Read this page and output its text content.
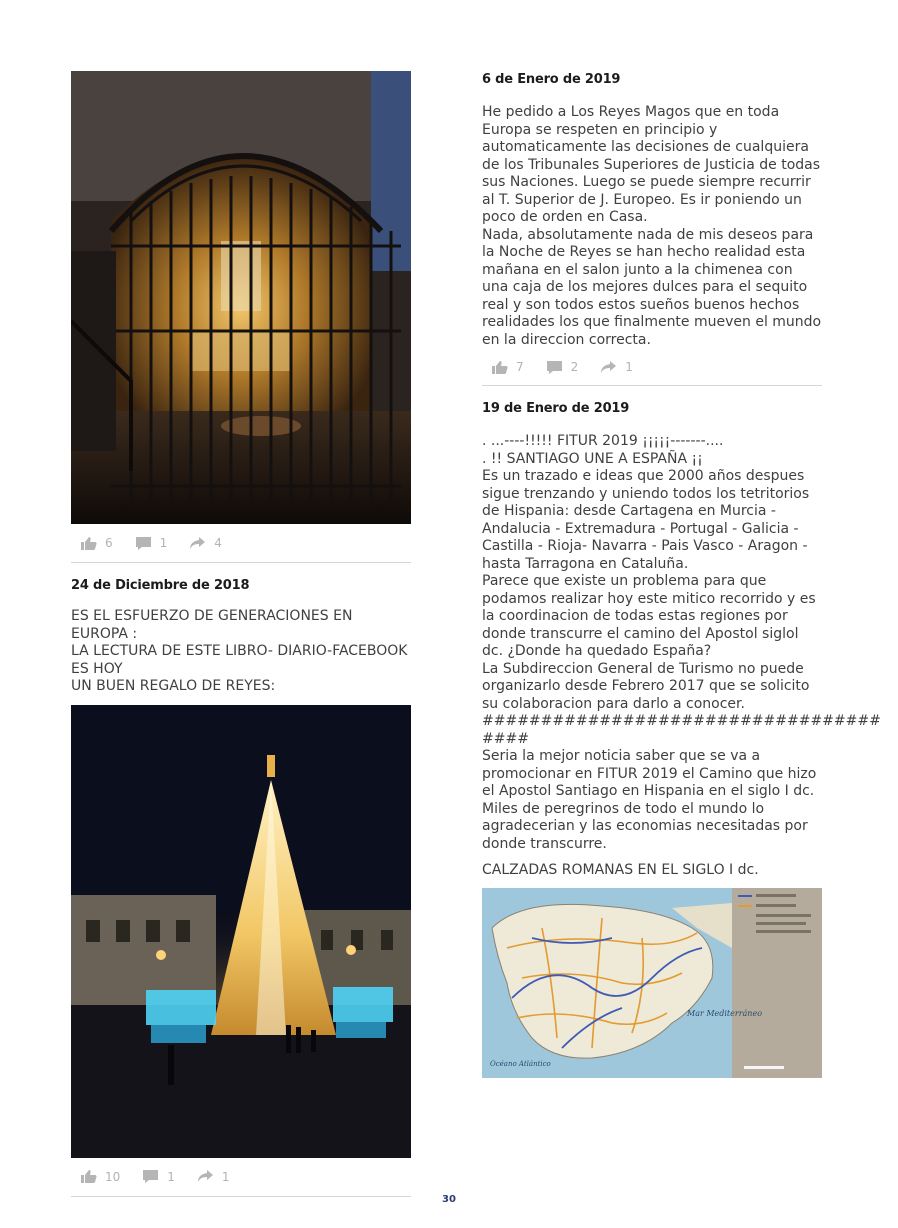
6	1	4
24 de Diciembre de 2018
ES EL ESFUERZO DE GENERACIONES EN EUROPA :
LA LECTURA DE ESTE LIBRO- DIARIO-FACEBOOK
ES HOY
UN BUEN REGALO DE REYES:
10	1	1
6 de Enero de 2019
He pedido a Los Reyes Magos que en toda Europa se respeten en principio y automaticamente las decisiones de cualquiera de los Tribunales Superiores de Justicia de todas sus Naciones. Luego se puede siempre recurrir al T. Superior de J. Europeo. Es ir poniendo un poco de orden en Casa.
Nada, absolutamente nada de mis deseos para la Noche de Reyes se han hecho realidad esta mañana en el salon junto a la chimenea con una caja de los mejores dulces para el sequito real y son todos estos sueños buenos hechos realidades los que finalmente mueven el mundo en la direccion correcta.
7	2	1
19 de Enero de 2019
. ...----!!!!! FITUR 2019 ¡¡¡¡¡-------....
. !! SANTIAGO UNE A ESPAÑA ¡¡
Es un trazado e ideas que 2000 años despues sigue trenzando y uniendo todos los tetritorios de Hispania: desde Cartagena en Murcia - Andalucia - Extremadura - Portugal - Galicia - Castilla - Rioja- Navarra - Pais Vasco - Aragon - hasta Tarragona en Cataluña.
Parece que existe un problema para que podamos realizar hoy este mitico recorrido y es la coordinacion de todas estas regiones por donde transcurre el camino del Apostol siglol dc. ¿Donde ha quedado España?
La Subdireccion General de Turismo no puede organizarlo desde Febrero 2017 que se solicito su colaboracion para darlo a conocer.
##################################
####
Seria la mejor noticia saber que se va a promocionar en FITUR 2019 el Camino que hizo el Apostol Santiago en Hispania en el siglo I dc.
Miles de peregrinos de todo el mundo lo agradecerian y las economias necesitadas por donde transcurre.
CALZADAS ROMANAS EN EL SIGLO I dc.
Mar Mediterráneo
Océano Atlántico
30
